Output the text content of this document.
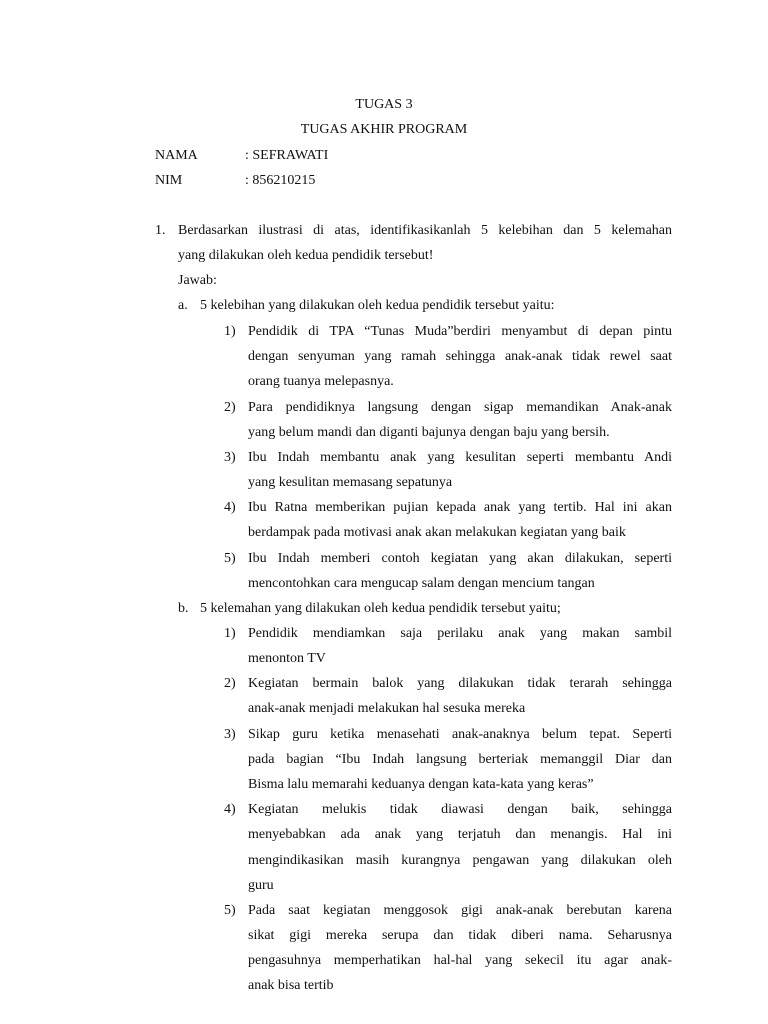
TUGAS 3
TUGAS AKHIR PROGRAM
NAMA	: SEFRAWATI
NIM	: 856210215
1. Berdasarkan ilustrasi di atas, identifikasikanlah 5 kelebihan dan 5 kelemahan
yang dilakukan oleh kedua pendidik tersebut!
Jawab:
a. 5 kelebihan yang dilakukan oleh kedua pendidik tersebut yaitu:
1) Pendidik di TPA “Tunas Muda”berdiri menyambut di depan pintu
dengan senyuman yang ramah sehingga anak-anak tidak rewel saat
orang tuanya melepasnya.
2) Para pendidiknya langsung dengan sigap memandikan Anak-anak
yang belum mandi dan diganti bajunya dengan baju yang bersih.
3) Ibu Indah membantu anak yang kesulitan seperti membantu Andi
yang kesulitan memasang sepatunya
4) Ibu Ratna memberikan pujian kepada anak yang tertib. Hal ini akan
berdampak pada motivasi anak akan melakukan kegiatan yang baik
5) Ibu Indah memberi contoh kegiatan yang akan dilakukan, seperti
mencontohkan cara mengucap salam dengan mencium tangan
b. 5 kelemahan yang dilakukan oleh kedua pendidik tersebut yaitu;
1) Pendidik mendiamkan saja perilaku anak yang makan sambil
menonton TV
2) Kegiatan bermain balok yang dilakukan tidak terarah sehingga
anak-anak menjadi melakukan hal sesuka mereka
3) Sikap guru ketika menasehati anak-anaknya belum tepat. Seperti
pada bagian “Ibu Indah langsung berteriak memanggil Diar dan
Bisma lalu memarahi keduanya dengan kata-kata yang keras”
4) Kegiatan melukis tidak diawasi dengan baik, sehingga
menyebabkan ada anak yang terjatuh dan menangis. Hal ini
mengindikasikan masih kurangnya pengawan yang dilakukan oleh
guru
5) Pada saat kegiatan menggosok gigi anak-anak berebutan karena
sikat gigi mereka serupa dan tidak diberi nama. Seharusnya
pengasuhnya memperhatikan hal-hal yang sekecil itu agar anak-
anak bisa tertib
